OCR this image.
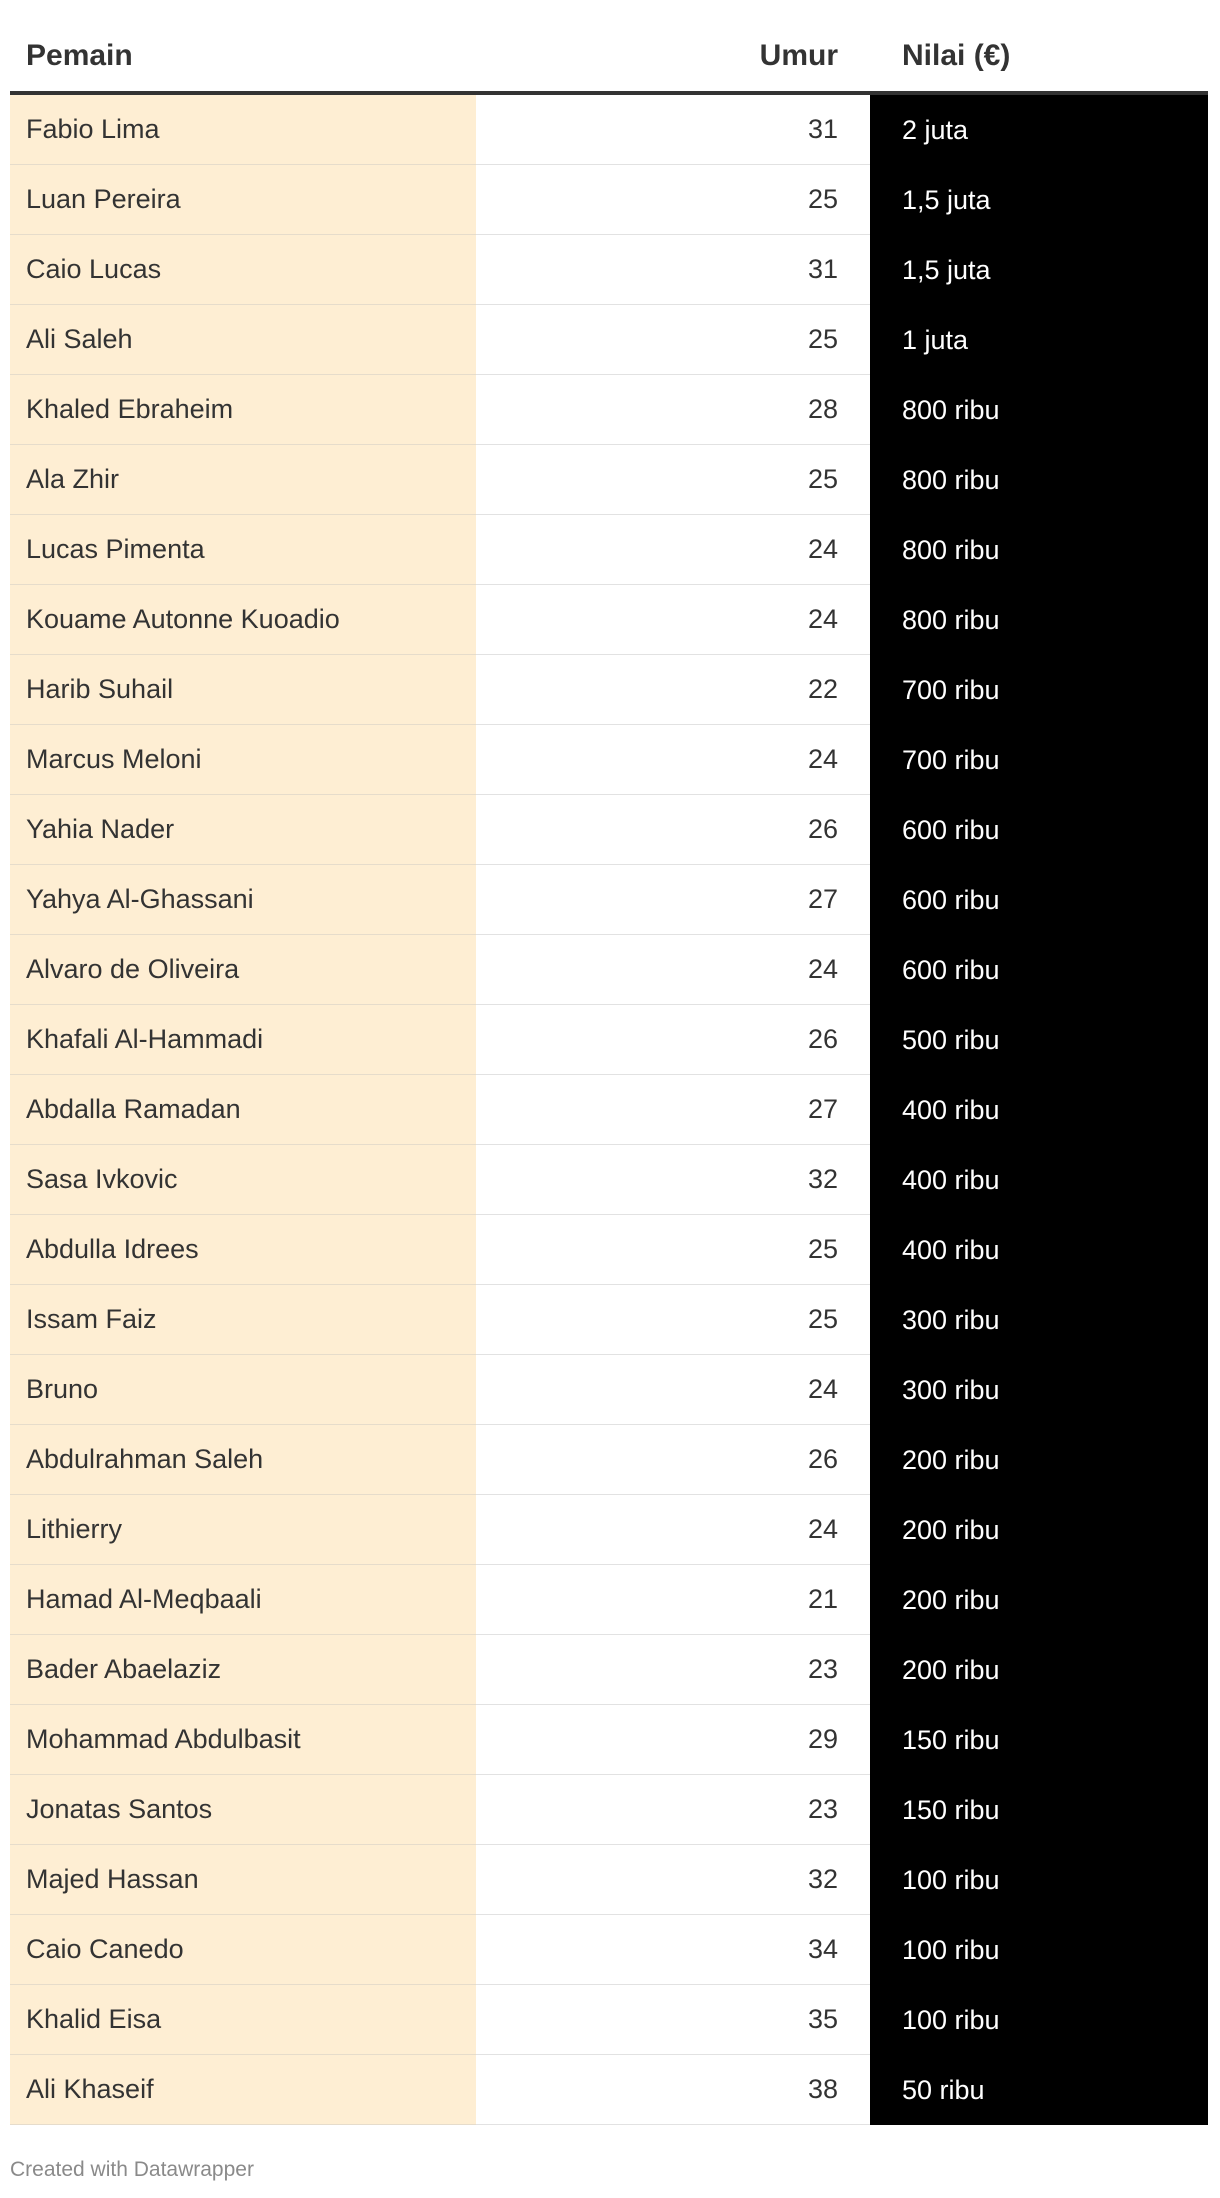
Pemain	Umur	Nilai (€)
Fabio Lima	31	2 juta
Luan Pereira	25	1,5 juta
Caio Lucas	31	1,5 juta
Ali Saleh	25	1 juta
Khaled Ebraheim	28	800 ribu
Ala Zhir	25	800 ribu
Lucas Pimenta	24	800 ribu
Kouame Autonne Kuoadio	24	800 ribu
Harib Suhail	22	700 ribu
Marcus Meloni	24	700 ribu
Yahia Nader	26	600 ribu
Yahya Al-Ghassani	27	600 ribu
Alvaro de Oliveira	24	600 ribu
Khafali Al-Hammadi	26	500 ribu
Abdalla Ramadan	27	400 ribu
Sasa Ivkovic	32	400 ribu
Abdulla Idrees	25	400 ribu
Issam Faiz	25	300 ribu
Bruno	24	300 ribu
Abdulrahman Saleh	26	200 ribu
Lithierry	24	200 ribu
Hamad Al-Meqbaali	21	200 ribu
Bader Abaelaziz	23	200 ribu
Mohammad Abdulbasit	29	150 ribu
Jonatas Santos	23	150 ribu
Majed Hassan	32	100 ribu
Caio Canedo	34	100 ribu
Khalid Eisa	35	100 ribu
Ali Khaseif	38	50 ribu
Created with Datawrapper
